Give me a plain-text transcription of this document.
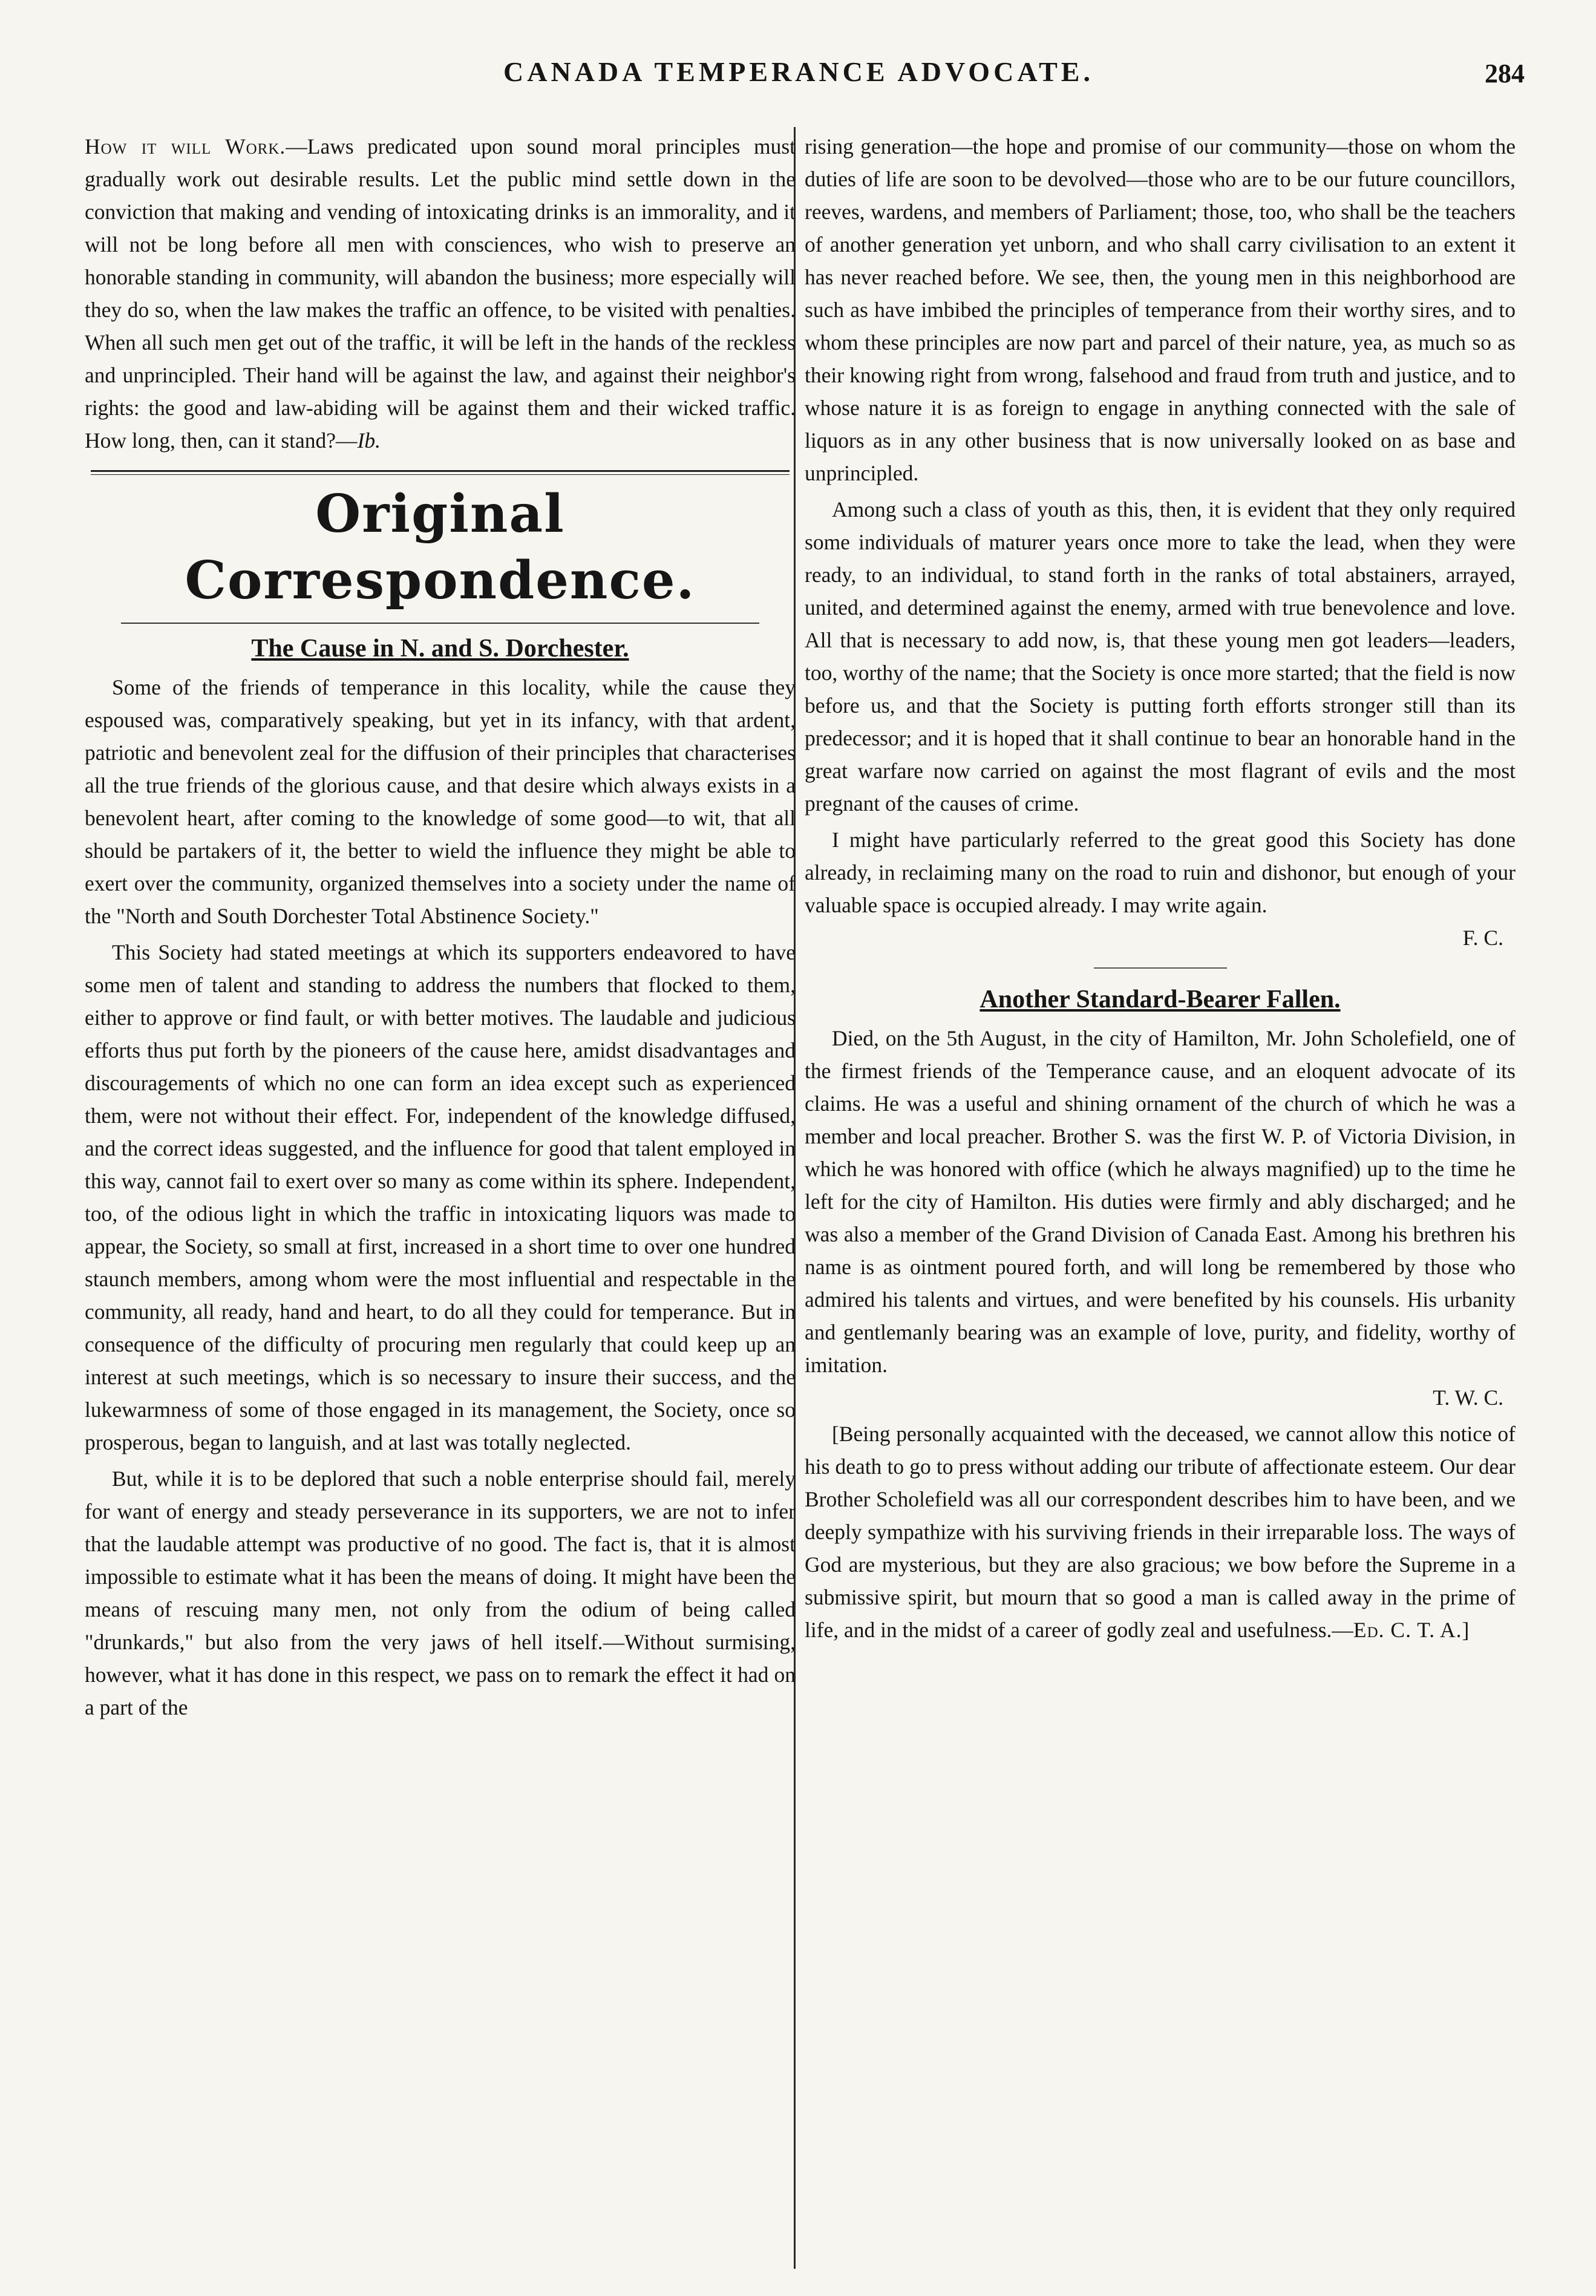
CANADA TEMPERANCE ADVOCATE.	284

How it will Work.—Laws predicated upon sound moral principles must gradually work out desirable results. Let the public mind settle down in the conviction that making and vending of intoxicating drinks is an immorality, and it will not be long before all men with consciences, who wish to preserve an honorable standing in community, will abandon the business; more especially will they do so, when the law makes the traffic an offence, to be visited with penalties. When all such men get out of the traffic, it will be left in the hands of the reckless and unprincipled. Their hand will be against the law, and against their neighbor's rights: the good and law-abiding will be against them and their wicked traffic. How long, then, can it stand?—Ib.

Original Correspondence.
The Cause in N. and S. Dorchester.

Some of the friends of temperance in this locality, while the cause they espoused was, comparatively speaking, but yet in its infancy, with that ardent, patriotic and benevolent zeal for the diffusion of their principles that characterises all the true friends of the glorious cause, and that desire which always exists in a benevolent heart, after coming to the knowledge of some good—to wit, that all should be partakers of it, the better to wield the influence they might be able to exert over the community, organized themselves into a society under the name of the "North and South Dorchester Total Abstinence Society."

This Society had stated meetings at which its supporters endeavored to have some men of talent and standing to address the numbers that flocked to them, either to approve or find fault, or with better motives. The laudable and judicious efforts thus put forth by the pioneers of the cause here, amidst disadvantages and discouragements of which no one can form an idea except such as experienced them, were not without their effect. For, independent of the knowledge diffused, and the correct ideas suggested, and the influence for good that talent employed in this way, cannot fail to exert over so many as come within its sphere. Independent, too, of the odious light in which the traffic in intoxicating liquors was made to appear, the Society, so small at first, increased in a short time to over one hundred staunch members, among whom were the most influential and respectable in the community, all ready, hand and heart, to do all they could for temperance. But in consequence of the difficulty of procuring men regularly that could keep up an interest at such meetings, which is so necessary to insure their success, and the lukewarmness of some of those engaged in its management, the Society, once so prosperous, began to languish, and at last was totally neglected.

But, while it is to be deplored that such a noble enterprise should fail, merely for want of energy and steady perseverance in its supporters, we are not to infer that the laudable attempt was productive of no good. The fact is, that it is almost impossible to estimate what it has been the means of doing. It might have been the means of rescuing many men, not only from the odium of being called "drunkards," but also from the very jaws of hell itself.—Without surmising, however, what it has done in this respect, we pass on to remark the effect it had on a part of the

rising generation—the hope and promise of our community—those on whom the duties of life are soon to be devolved—those who are to be our future councillors, reeves, wardens, and members of Parliament; those, too, who shall be the teachers of another generation yet unborn, and who shall carry civilisation to an extent it has never reached before. We see, then, the young men in this neighborhood are such as have imbibed the principles of temperance from their worthy sires, and to whom these principles are now part and parcel of their nature, yea, as much so as their knowing right from wrong, falsehood and fraud from truth and justice, and to whose nature it is as foreign to engage in anything connected with the sale of liquors as in any other business that is now universally looked on as base and unprincipled.

Among such a class of youth as this, then, it is evident that they only required some individuals of maturer years once more to take the lead, when they were ready, to an individual, to stand forth in the ranks of total abstainers, arrayed, united, and determined against the enemy, armed with true benevolence and love. All that is necessary to add now, is, that these young men got leaders—leaders, too, worthy of the name; that the Society is once more started; that the field is now before us, and that the Society is putting forth efforts stronger still than its predecessor; and it is hoped that it shall continue to bear an honorable hand in the great warfare now carried on against the most flagrant of evils and the most pregnant of the causes of crime.

I might have particularly referred to the great good this Society has done already, in reclaiming many on the road to ruin and dishonor, but enough of your valuable space is occupied already. I may write again.
F. C.

Another Standard-Bearer Fallen.

Died, on the 5th August, in the city of Hamilton, Mr. John Scholefield, one of the firmest friends of the Temperance cause, and an eloquent advocate of its claims. He was a useful and shining ornament of the church of which he was a member and local preacher. Brother S. was the first W. P. of Victoria Division, in which he was honored with office (which he always magnified) up to the time he left for the city of Hamilton. His duties were firmly and ably discharged; and he was also a member of the Grand Division of Canada East. Among his brethren his name is as ointment poured forth, and will long be remembered by those who admired his talents and virtues, and were benefited by his counsels. His urbanity and gentlemanly bearing was an example of love, purity, and fidelity, worthy of imitation.
T. W. C.

[Being personally acquainted with the deceased, we cannot allow this notice of his death to go to press without adding our tribute of affectionate esteem. Our dear Brother Scholefield was all our correspondent describes him to have been, and we deeply sympathize with his surviving friends in their irreparable loss. The ways of God are mysterious, but they are also gracious; we bow before the Supreme in a submissive spirit, but mourn that so good a man is called away in the prime of life, and in the midst of a career of godly zeal and usefulness.—Ed. C. T. A.]
